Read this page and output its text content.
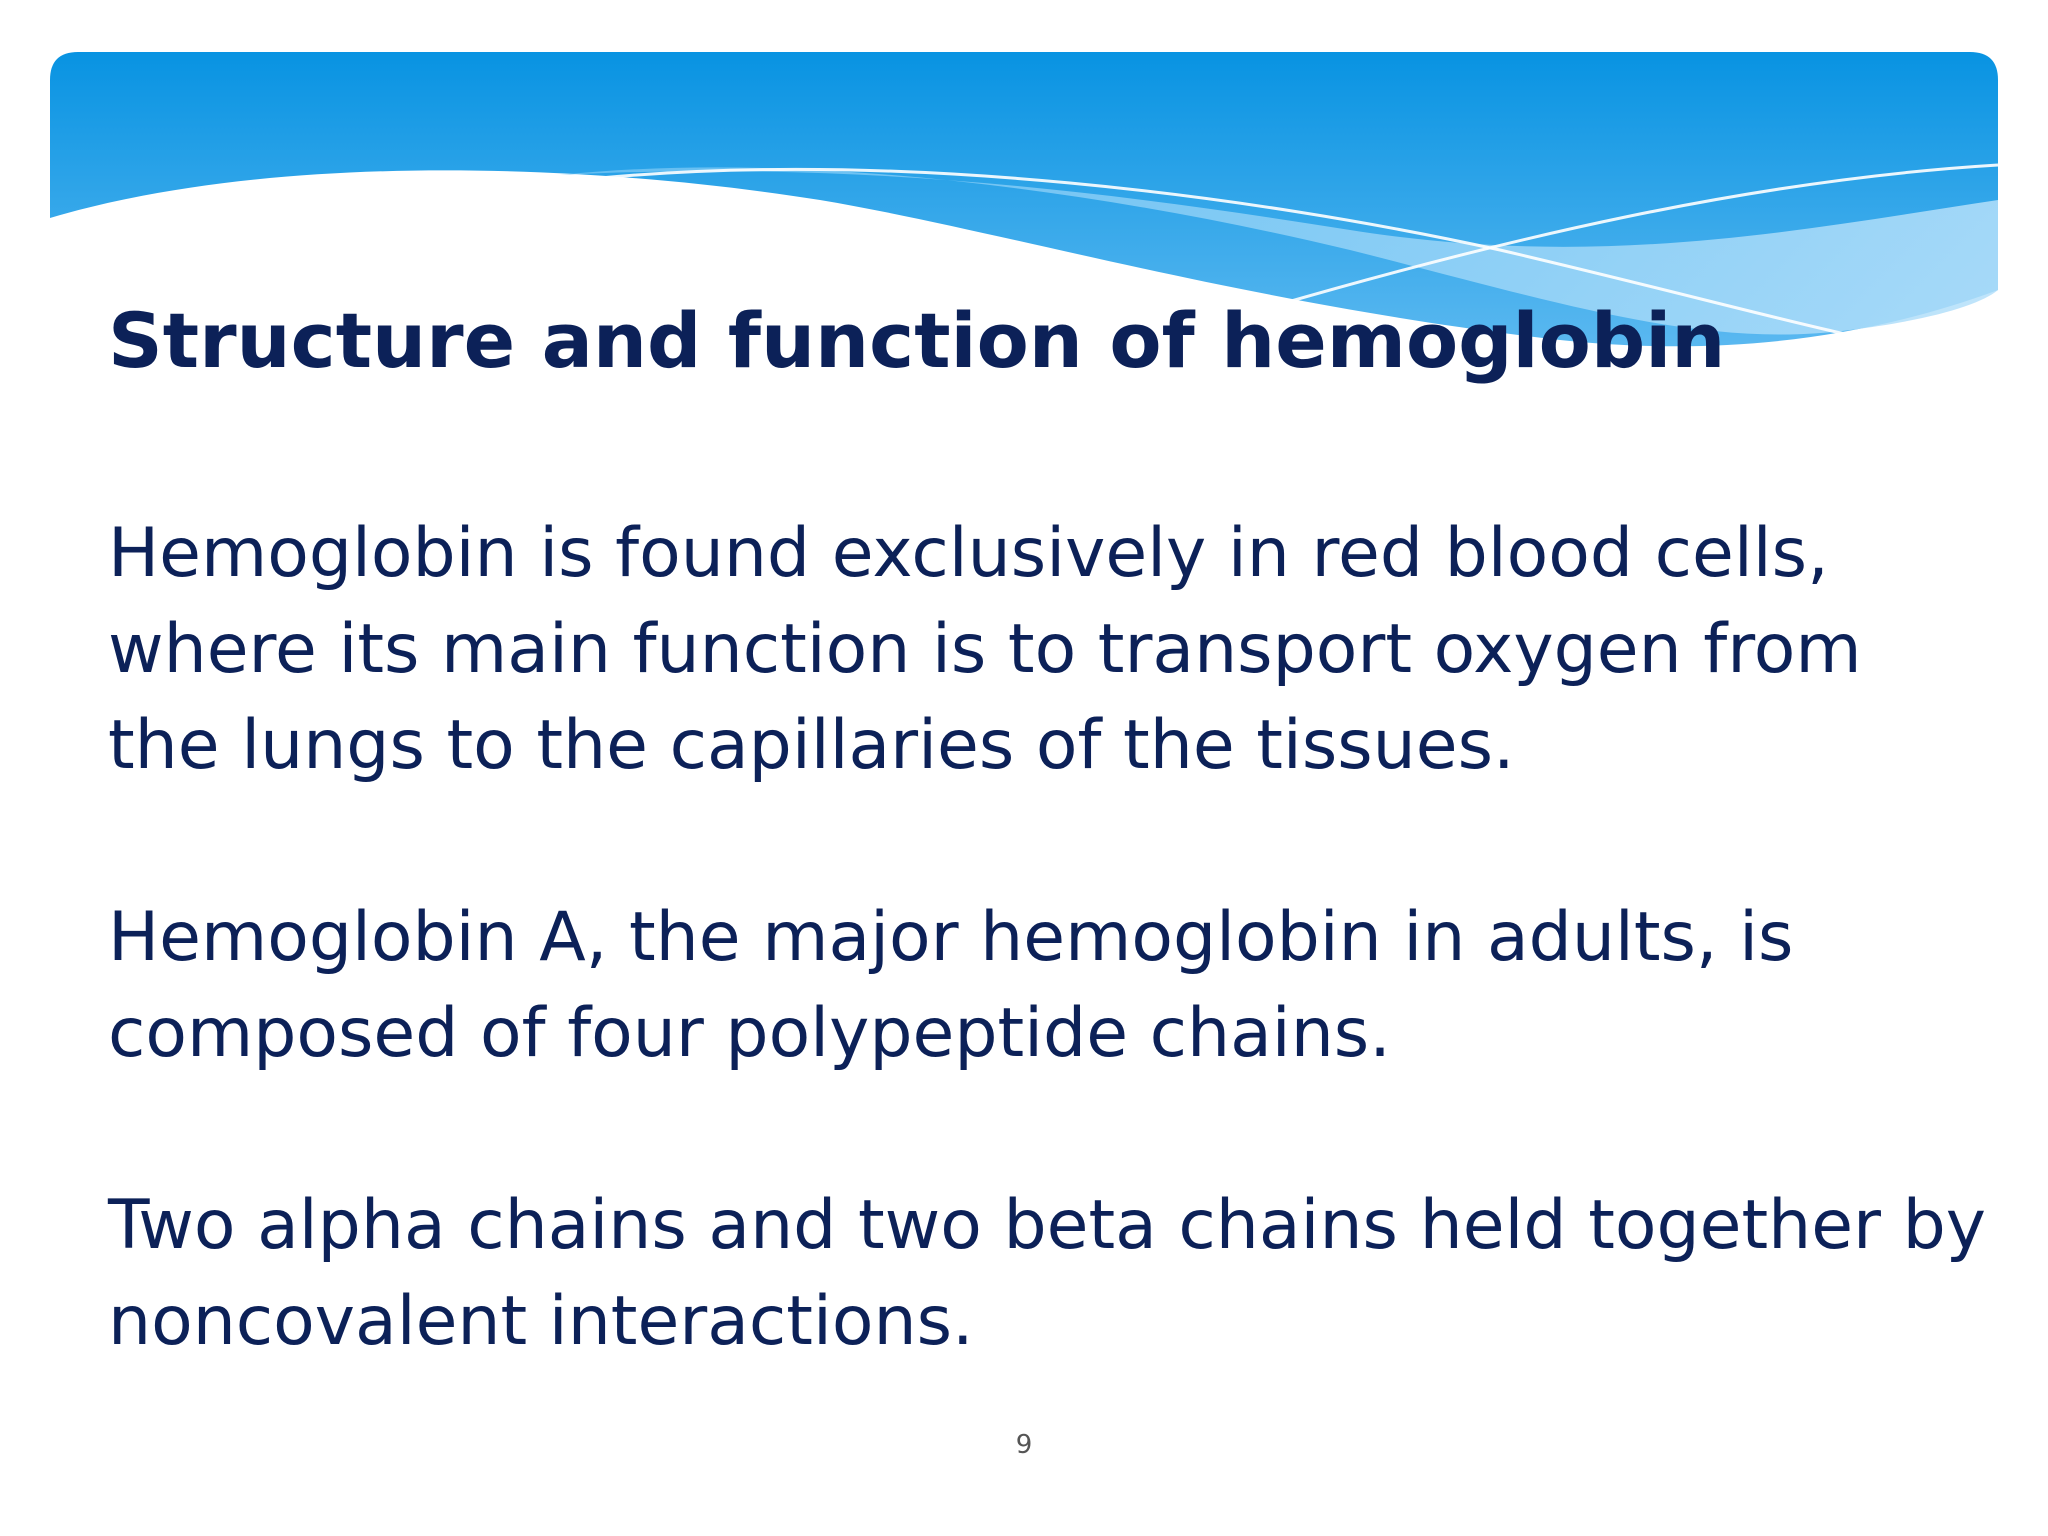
Structure and function of hemoglobin

Hemoglobin is found exclusively in red blood cells, where its main function is to transport oxygen from the lungs to the capillaries of the tissues.

Hemoglobin A, the major hemoglobin in adults, is composed of four polypeptide chains.

Two alpha chains and two beta chains held together by noncovalent interactions.

9
